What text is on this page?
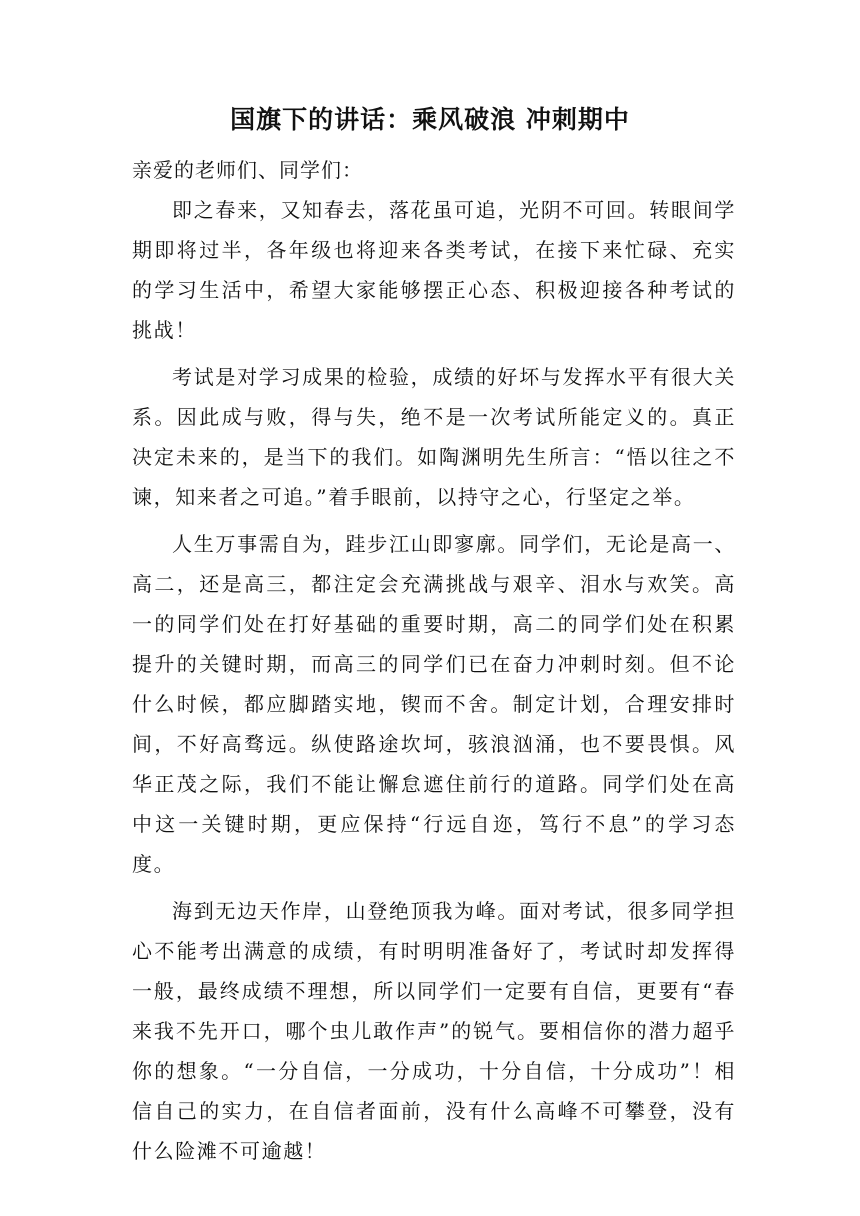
国旗下的讲话：乘风破浪 冲刺期中
亲爱的老师们、同学们：

即之春来，又知春去，落花虽可追，光阴不可回。转眼间学期即将过半，各年级也将迎来各类考试，在接下来忙碌、充实的学习生活中，希望大家能够摆正心态、积极迎接各种考试的挑战！

考试是对学习成果的检验，成绩的好坏与发挥水平有很大关系。因此成与败，得与失，绝不是一次考试所能定义的。真正决定未来的，是当下的我们。如陶渊明先生所言：“悟以往之不谏，知来者之可追。”着手眼前，以持守之心，行坚定之举。

人生万事需自为，跬步江山即寥廓。同学们，无论是高一、高二，还是高三，都注定会充满挑战与艰辛、泪水与欢笑。高一的同学们处在打好基础的重要时期，高二的同学们处在积累提升的关键时期，而高三的同学们已在奋力冲刺时刻。但不论什么时候，都应脚踏实地，锲而不舍。制定计划，合理安排时间，不好高骛远。纵使路途坎坷，骇浪汹涌，也不要畏惧。风华正茂之际，我们不能让懈怠遮住前行的道路。同学们处在高中这一关键时期，更应保持“行远自迩，笃行不息”的学习态度。

海到无边天作岸，山登绝顶我为峰。面对考试，很多同学担心不能考出满意的成绩，有时明明准备好了，考试时却发挥得一般，最终成绩不理想，所以同学们一定要有自信，更要有“春来我不先开口，哪个虫儿敢作声”的锐气。要相信你的潜力超乎你的想象。“一分自信，一分成功，十分自信，十分成功”！相信自己的实力，在自信者面前，没有什么高峰不可攀登，没有什么险滩不可逾越！
